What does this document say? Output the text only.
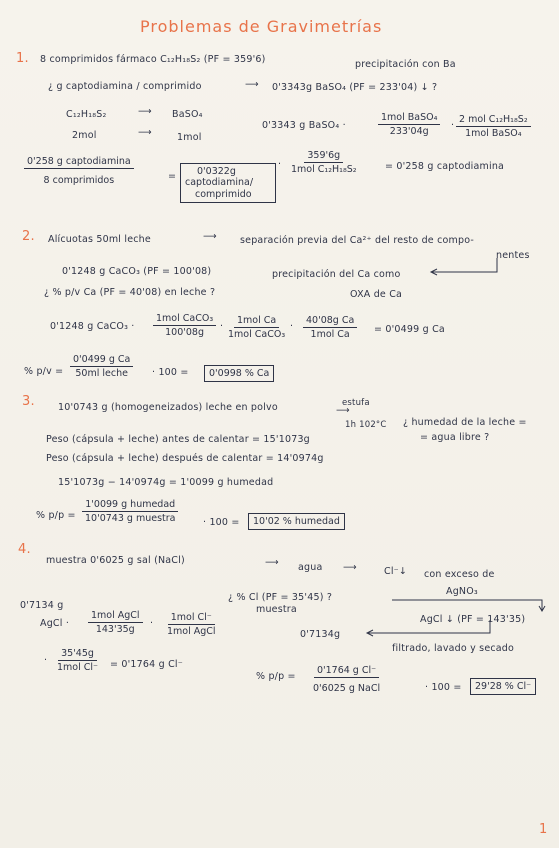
Problemas de Gravimetrías
1. 8 comprimidos fármaco C₁₂H₁₈S₂ (PF = 359'6)	precipitación con Ba
¿ g captodiamina / comprimido	⟶ 0'3343g BaSO₄ (PF = 233'04) ↓ ?
C₁₂H₁₈S₂	⟶ BaSO₄
2mol	⟶	1mol
0'3343 g BaSO₄ ·
1mol BaSO₄
233'04g
·
2 mol C₁₂H₁₈S₂
1mol BaSO₄
·
359'6g
1mol C₁₂H₁₈S₂	= 0'258 g captodiamina
0'258 g captodiamina
8 comprimidos	=	0'0322g
captodiamina/
comprimido
2. Alícuotas 50ml leche	⟶ separación previa del Ca²⁺ del resto de compo-
nentes
0'1248 g CaCO₃ (PF = 100'08)	precipitación del Ca como
¿ % p/v Ca (PF = 40'08) en leche ?	OXA de Ca
0'1248 g CaCO₃ ·
1mol CaCO₃
100'08g
·
1mol Ca
1mol CaCO₃
·
40'08g Ca
1mol Ca	= 0'0499 g Ca
% p/v =
0'0499 g Ca
50ml leche	· 100 =	0'0998 % Ca
3. 10'0743 g (homogeneizados) leche en polvo	estufa
⟶
1h 102°C ¿ humedad de la leche =
= agua libre ?
Peso (cápsula + leche) antes de calentar = 15'1073g
Peso (cápsula + leche) después de calentar = 14'0974g
15'1073g − 14'0974g = 1'0099 g humedad
% p/p =
1'0099 g humedad
10'0743 g muestra	· 100 =	10'02 % humedad
4.
muestra 0'6025 g sal (NaCl)	⟶ agua ⟶	Cl⁻↓ con exceso de
AgNO₃
¿ % Cl (PF = 35'45) ?
muestra
AgCl ↓ (PF = 143'35)
0'7134g
filtrado, lavado y secado
0'7134 g
AgCl ·
1mol AgCl
143'35g
·
1mol Cl⁻
1mol AgCl
·
35'45g
1mol Cl⁻	= 0'1764 g Cl⁻
% p/p =
0'1764 g Cl⁻
0'6025 g NaCl	· 100 =	29'28 % Cl⁻
1
